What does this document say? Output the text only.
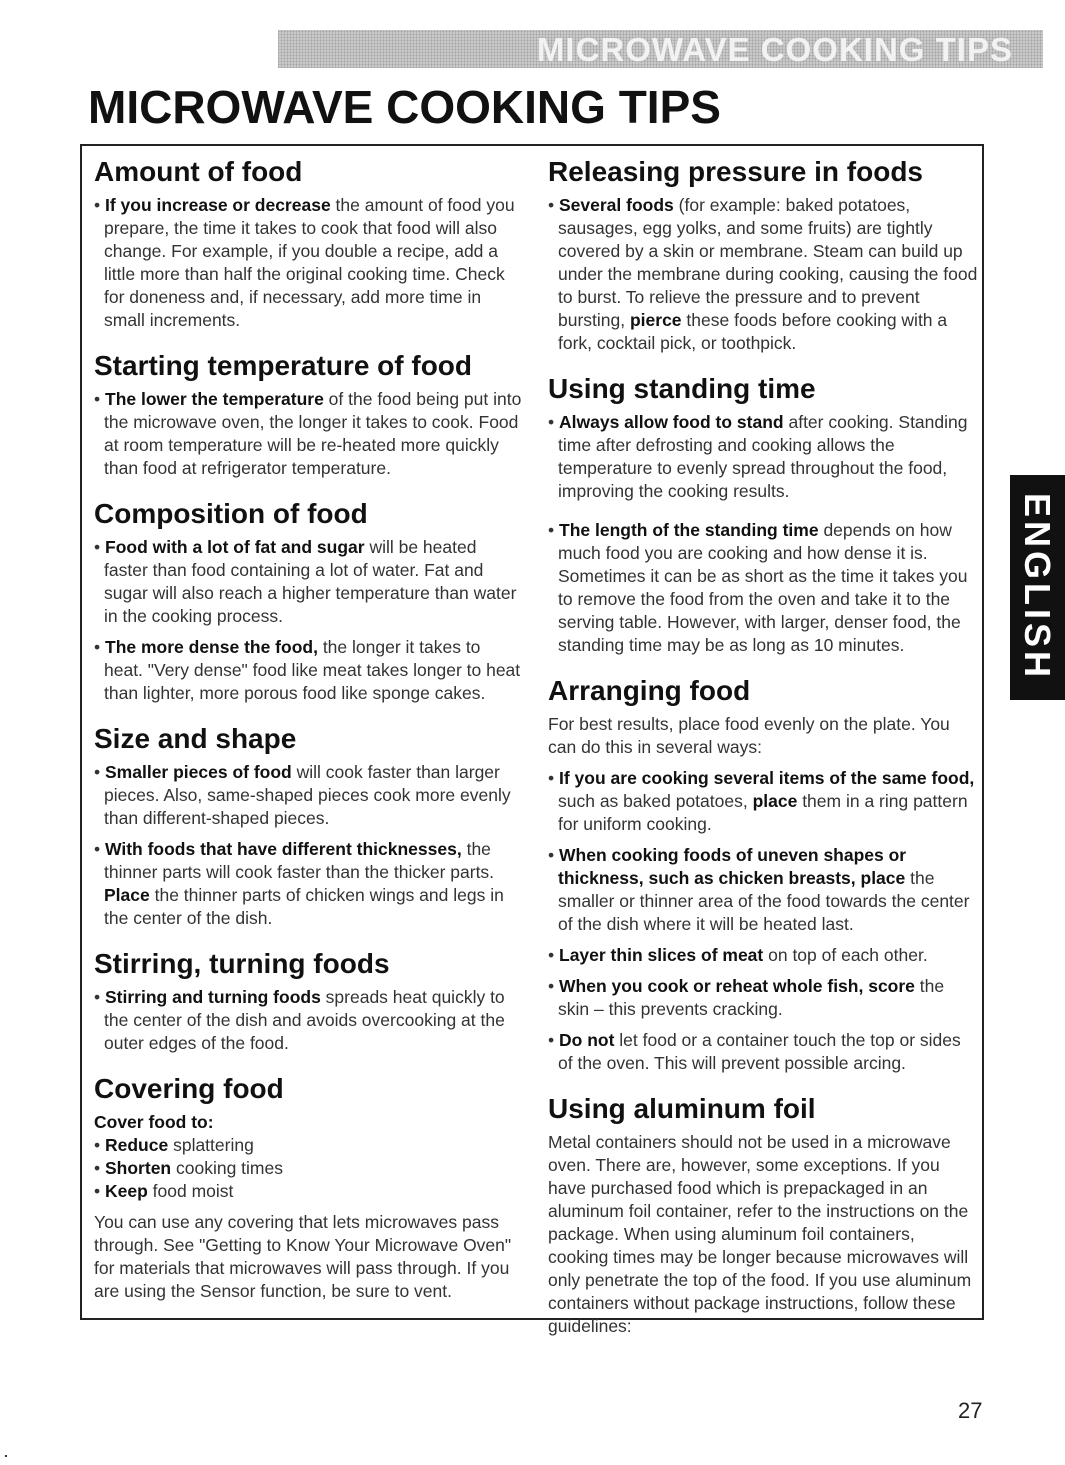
MICROWAVE COOKING TIPS
MICROWAVE COOKING TIPS
Amount of food

• If you increase or decrease the amount of food you prepare, the time it takes to cook that food will also change. For example, if you double a recipe, add a little more than half the original cooking time. Check for doneness and, if necessary, add more time in small increments.

Starting temperature of food

• The lower the temperature of the food being put into the microwave oven, the longer it takes to cook. Food at room temperature will be re-heated more quickly than food at refrigerator temperature.

Composition of food

• Food with a lot of fat and sugar will be heated faster than food containing a lot of water. Fat and sugar will also reach a higher temperature than water in the cooking process.

• The more dense the food, the longer it takes to heat. "Very dense" food like meat takes longer to heat than lighter, more porous food like sponge cakes.

Size and shape

• Smaller pieces of food will cook faster than larger pieces. Also, same-shaped pieces cook more evenly than different-shaped pieces.

• With foods that have different thicknesses, the thinner parts will cook faster than the thicker parts. Place the thinner parts of chicken wings and legs in the center of the dish.

Stirring, turning foods

• Stirring and turning foods spreads heat quickly to the center of the dish and avoids overcooking at the outer edges of the food.

Covering food

Cover food to:

• Reduce splattering

• Shorten cooking times

• Keep food moist

You can use any covering that lets microwaves pass through. See "Getting to Know Your Microwave Oven" for materials that microwaves will pass through. If you are using the Sensor function, be sure to vent.

Releasing pressure in foods

• Several foods (for example: baked potatoes, sausages, egg yolks, and some fruits) are tightly covered by a skin or membrane. Steam can build up under the membrane during cooking, causing the food to burst. To relieve the pressure and to prevent bursting, pierce these foods before cooking with a fork, cocktail pick, or toothpick.

Using standing time

• Always allow food to stand after cooking. Standing time after defrosting and cooking allows the temperature to evenly spread throughout the food, improving the cooking results.

• The length of the standing time depends on how much food you are cooking and how dense it is. Sometimes it can be as short as the time it takes you to remove the food from the oven and take it to the serving table. However, with larger, denser food, the standing time may be as long as 10 minutes.

Arranging food

For best results, place food evenly on the plate. You can do this in several ways:

• If you are cooking several items of the same food, such as baked potatoes, place them in a ring pattern for uniform cooking.

• When cooking foods of uneven shapes or thickness, such as chicken breasts, place the smaller or thinner area of the food towards the center of the dish where it will be heated last.

• Layer thin slices of meat on top of each other.

• When you cook or reheat whole fish, score the skin – this prevents cracking.

• Do not let food or a container touch the top or sides of the oven. This will prevent possible arcing.

Using aluminum foil

Metal containers should not be used in a microwave oven. There are, however, some exceptions. If you have purchased food which is prepackaged in an aluminum foil container, refer to the instructions on the package. When using aluminum foil containers, cooking times may be longer because microwaves will only penetrate the top of the food. If you use aluminum containers without package instructions, follow these guidelines:

ENGLISH
27
